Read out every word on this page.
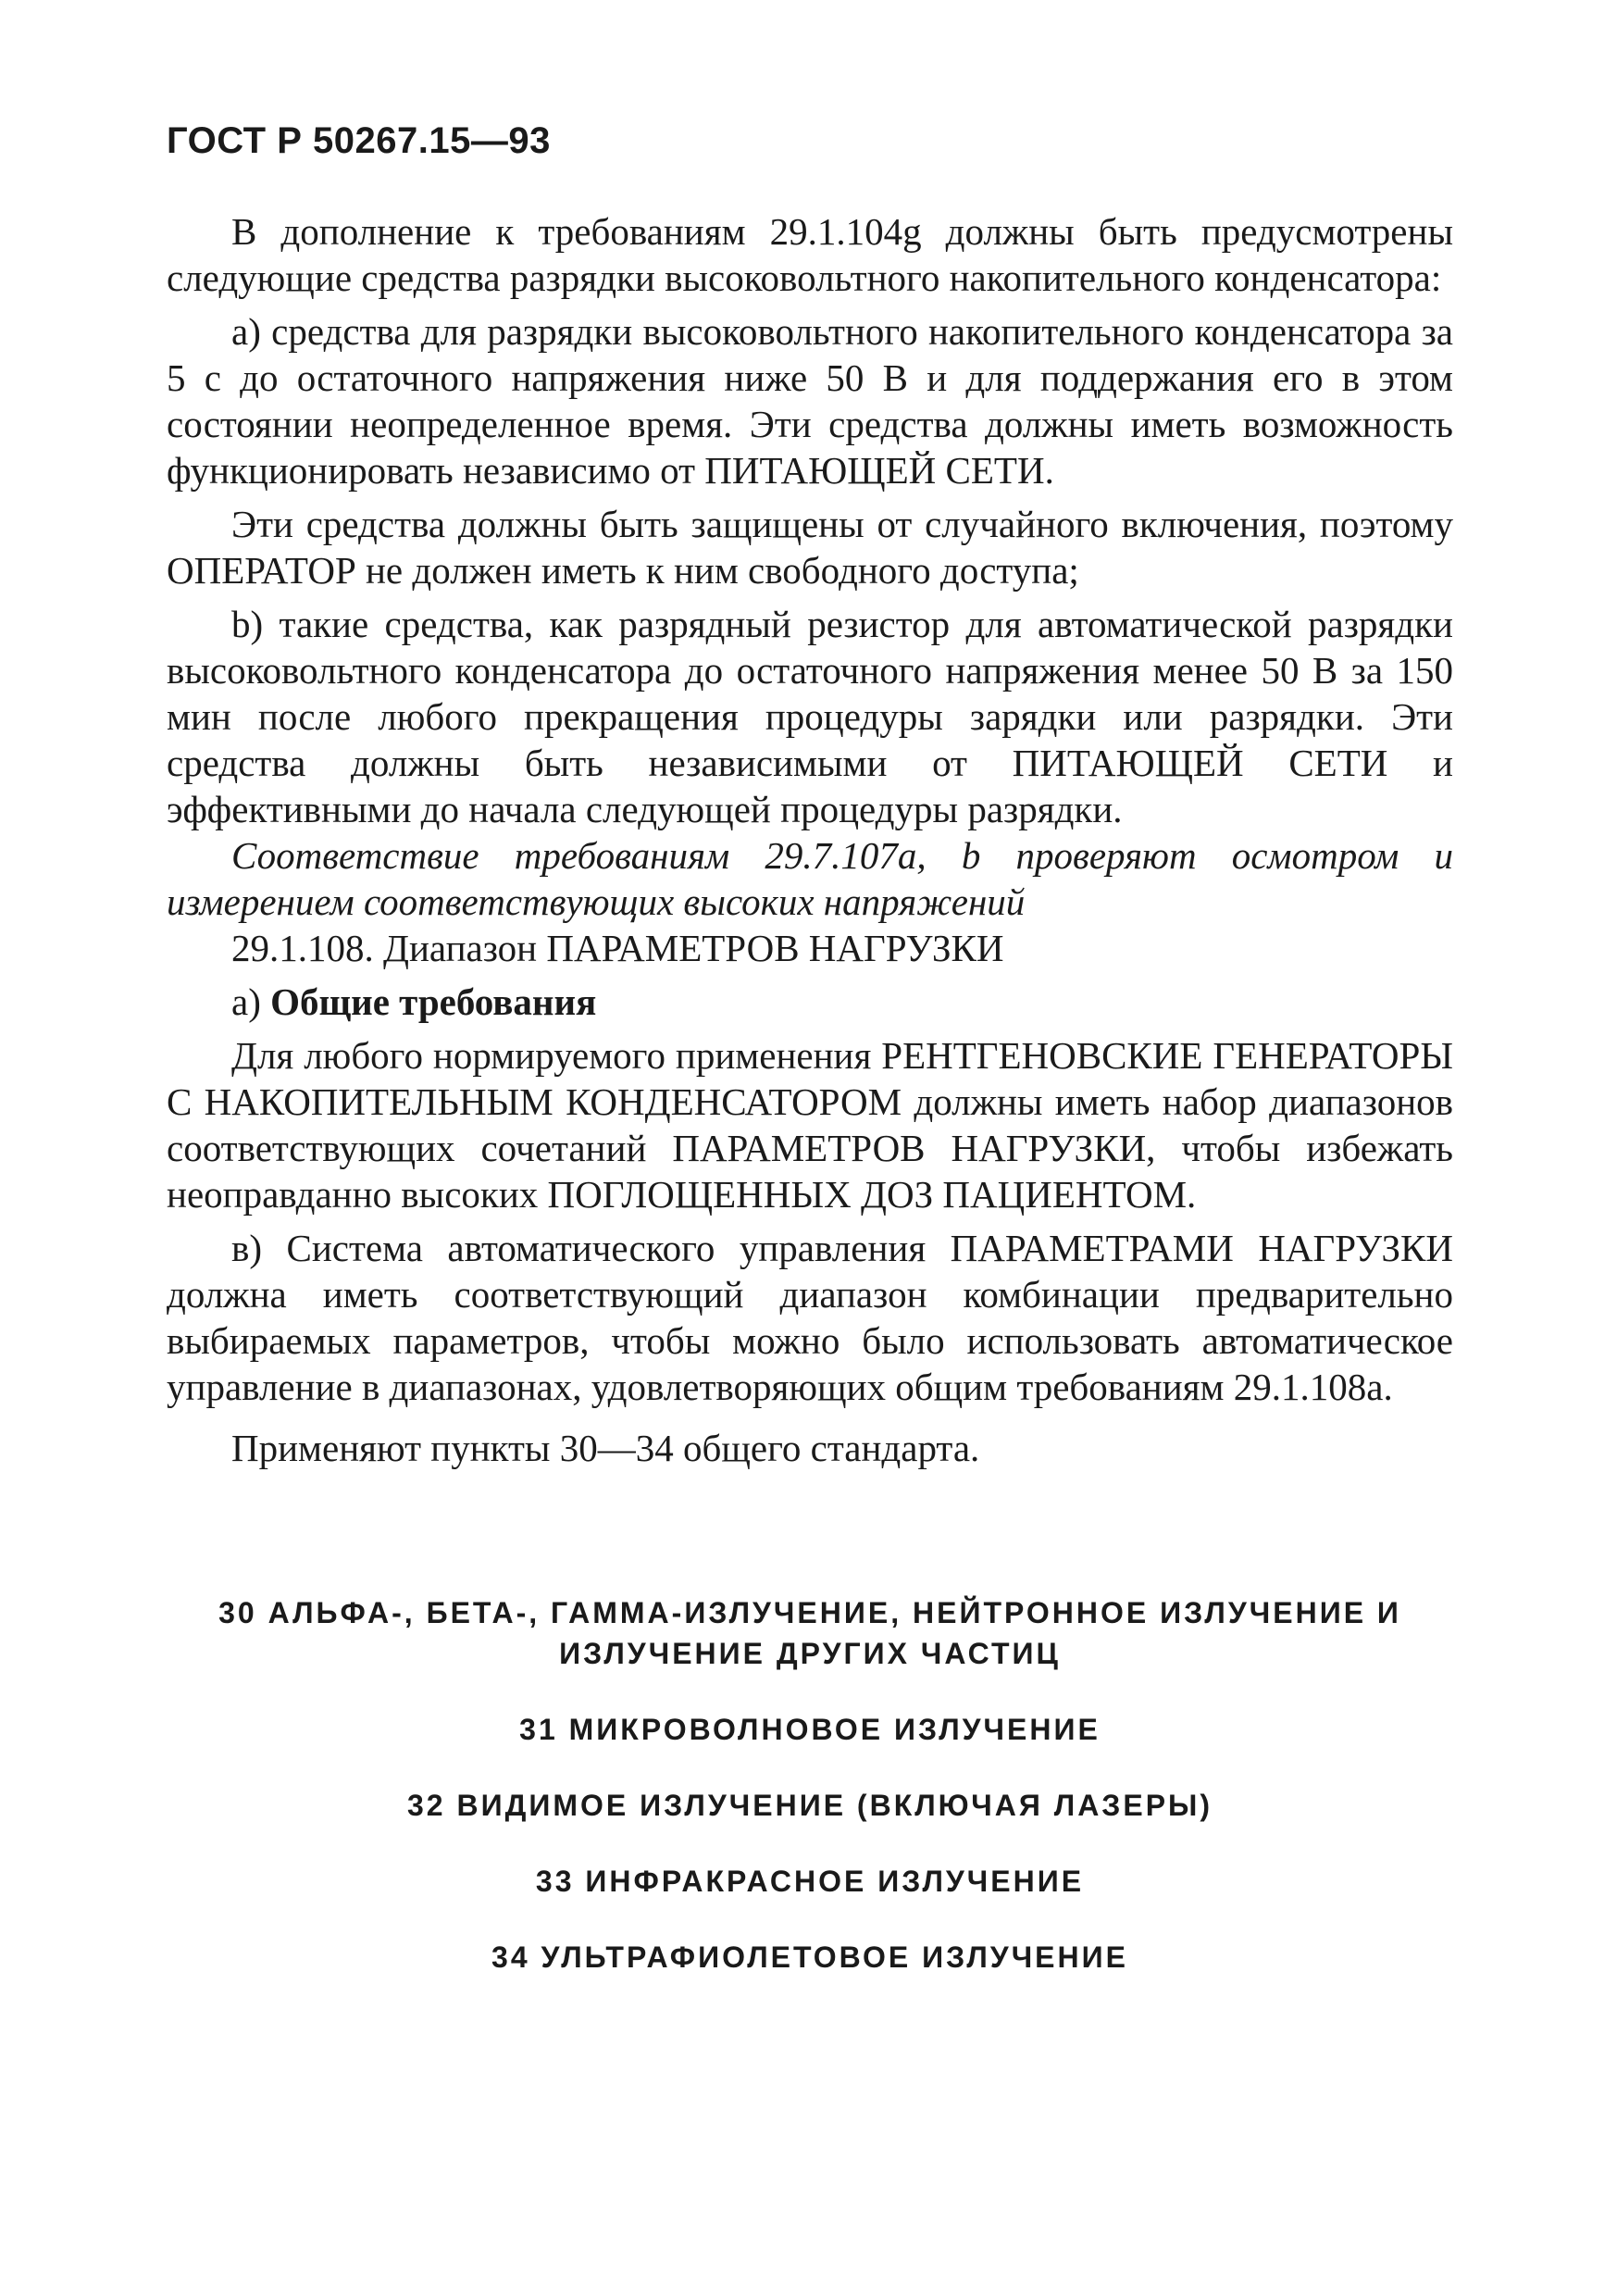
ГОСТ Р 50267.15—93

В дополнение к требованиям 29.1.104g должны быть предусмотрены следующие средства разрядки высоковольтного накопительного конденсатора:

а) средства для разрядки высоковольтного накопительного конденсатора за 5 с до остаточного напряжения ниже 50 В и для поддержания его в этом состоянии неопределенное время. Эти средства должны иметь возможность функционировать независимо от ПИТАЮЩЕЙ СЕТИ.

Эти средства должны быть защищены от случайного включения, поэтому ОПЕРАТОР не должен иметь к ним свободного доступа;

b) такие средства, как разрядный резистор для автоматической разрядки высоковольтного конденсатора до остаточного напряжения менее 50 В за 150 мин после любого прекращения процедуры зарядки или разрядки. Эти средства должны быть независимыми от ПИТАЮЩЕЙ СЕТИ и эффективными до начала следующей процедуры разрядки.

Соответствие требованиям 29.7.107a, b проверяют осмотром и измерением соответствующих высоких напряжений

29.1.108. Диапазон ПАРАМЕТРОВ НАГРУЗКИ

а) Общие требования

Для любого нормируемого применения РЕНТГЕНОВСКИЕ ГЕНЕРАТОРЫ С НАКОПИТЕЛЬНЫМ КОНДЕНСАТОРОМ должны иметь набор диапазонов соответствующих сочетаний ПАРАМЕТРОВ НАГРУЗКИ, чтобы избежать неоправданно высоких ПОГЛОЩЕННЫХ ДОЗ ПАЦИЕНТОМ.

в) Система автоматического управления ПАРАМЕТРАМИ НАГРУЗКИ должна иметь соответствующий диапазон комбинации предварительно выбираемых параметров, чтобы можно было использовать автоматическое управление в диапазонах, удовлетворяющих общим требованиям 29.1.108а.

Применяют пункты 30—34 общего стандарта.

30 АЛЬФА-, БЕТА-, ГАММА-ИЗЛУЧЕНИЕ, НЕЙТРОННОЕ ИЗЛУЧЕНИЕ И ИЗЛУЧЕНИЕ ДРУГИХ ЧАСТИЦ

31 МИКРОВОЛНОВОЕ ИЗЛУЧЕНИЕ

32 ВИДИМОЕ ИЗЛУЧЕНИЕ (ВКЛЮЧАЯ ЛАЗЕРЫ)

33 ИНФРАКРАСНОЕ ИЗЛУЧЕНИЕ

34 УЛЬТРАФИОЛЕТОВОЕ ИЗЛУЧЕНИЕ
